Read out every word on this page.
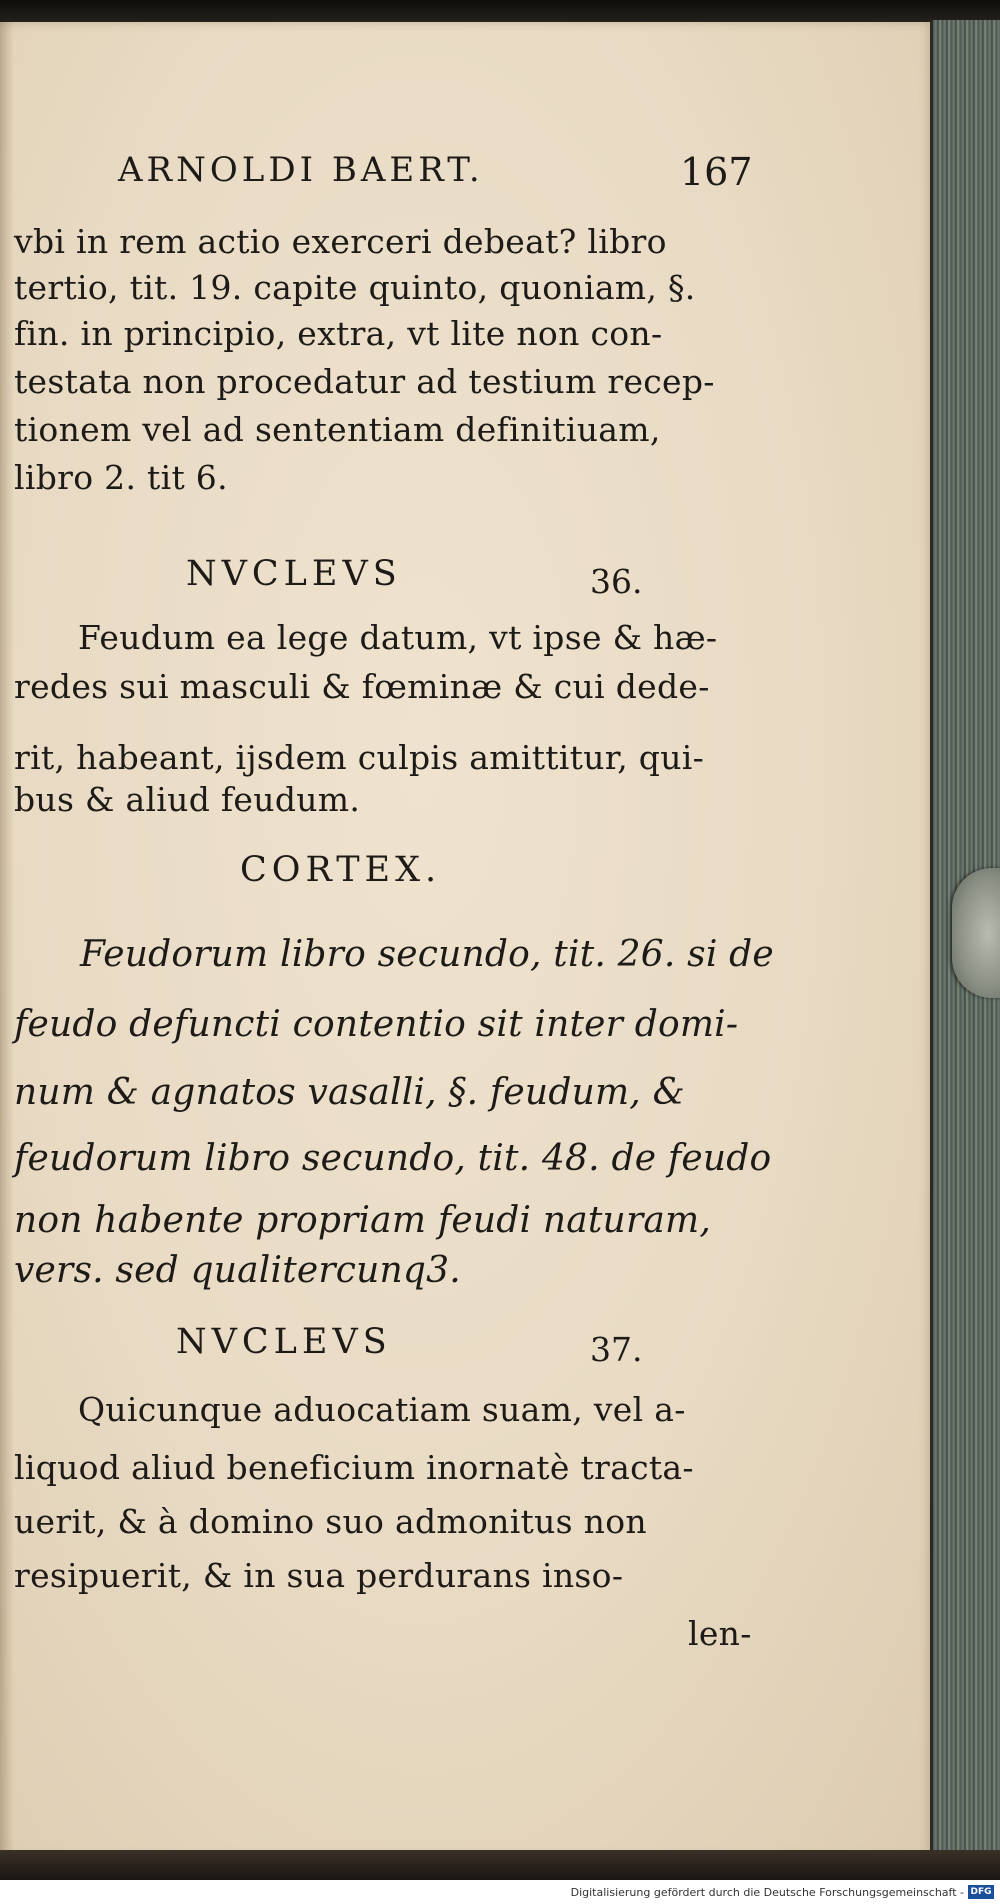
ARNOLDI BAERT.	167
vbi in rem actio exerceri debeat? libro
tertio, tit. 19. capite quinto, quoniam, §.
fin. in principio, extra, vt lite non con-
testata non procedatur ad testium recep-
tionem vel ad sententiam definitiuam,
libro 2. tit 6.
NVCLEVS	36.
Feudum ea lege datum, vt ipse & hæ-
redes sui masculi & fœminæ & cui dede-
rit, habeant, ijsdem culpis amittitur, qui-
bus & aliud feudum.
CORTEX.
Feudorum libro secundo, tit. 26. si de
feudo defuncti contentio sit inter domi-
num & agnatos vasalli, §. feudum, &
feudorum libro secundo, tit. 48. de feudo
non habente propriam feudi naturam,
vers. sed qualitercunq3.
NVCLEVS	37.
Quicunque aduocatiam suam, vel a-
liquod aliud beneficium inornatè tracta-
uerit, & à domino suo admonitus non
resipuerit, & in sua perdurans inso-
len-
Digitalisierung gefördert durch die Deutsche Forschungsgemeinschaft - DFG
